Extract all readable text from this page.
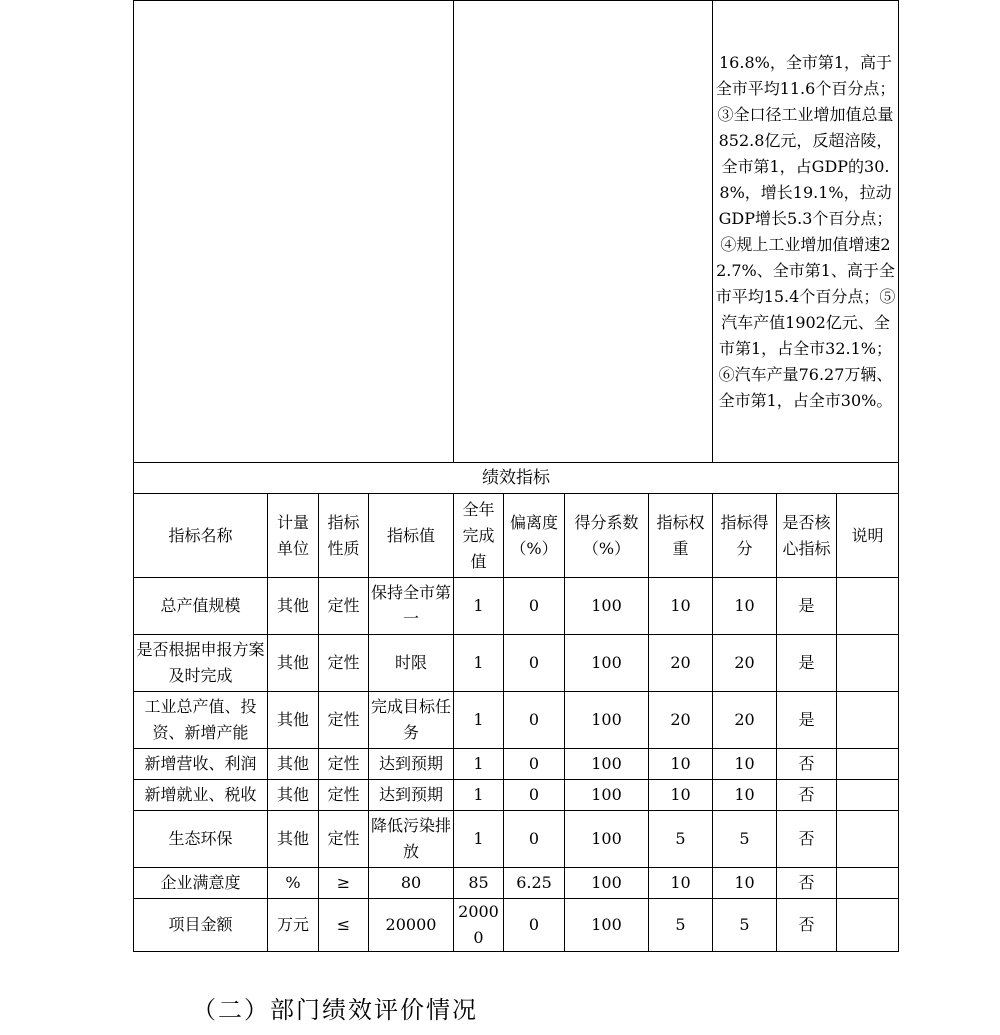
								16.8%，全市第1，高于全市平均11.6个百分点；③全口径工业增加值总量852.8亿元，反超涪陵，全市第1，占GDP的30.8%，增长19.1%，拉动GDP增长5.3个百分点；④规上工业增加值增速22.7%、全市第1、高于全市平均15.4个百分点；⑤汽车产值1902亿元、全市第1，占全市32.1%；⑥汽车产量76.27万辆、全市第1，占全市30%。		
绩效指标										
指标名称	计量单位	指标性质	指标值	全年完成值	偏离度（%）	得分系数（%）	指标权重	指标得分	是否核心指标	说明
总产值规模	其他	定性	保持全市第一	1	0	100	10	10	是	
是否根据申报方案及时完成	其他	定性	时限	1	0	100	20	20	是	
工业总产值、投资、新增产能	其他	定性	完成目标任务	1	0	100	20	20	是	
新增营收、利润	其他	定性	达到预期	1	0	100	10	10	否	
新增就业、税收	其他	定性	达到预期	1	0	100	10	10	否	
生态环保	其他	定性	降低污染排放	1	0	100	5	5	否	
企业满意度	%	≥	80	85	6.25	100	10	10	否	
项目金额	万元	≤	20000	20000	0	100	5	5	否	
（二）部门绩效评价情况
